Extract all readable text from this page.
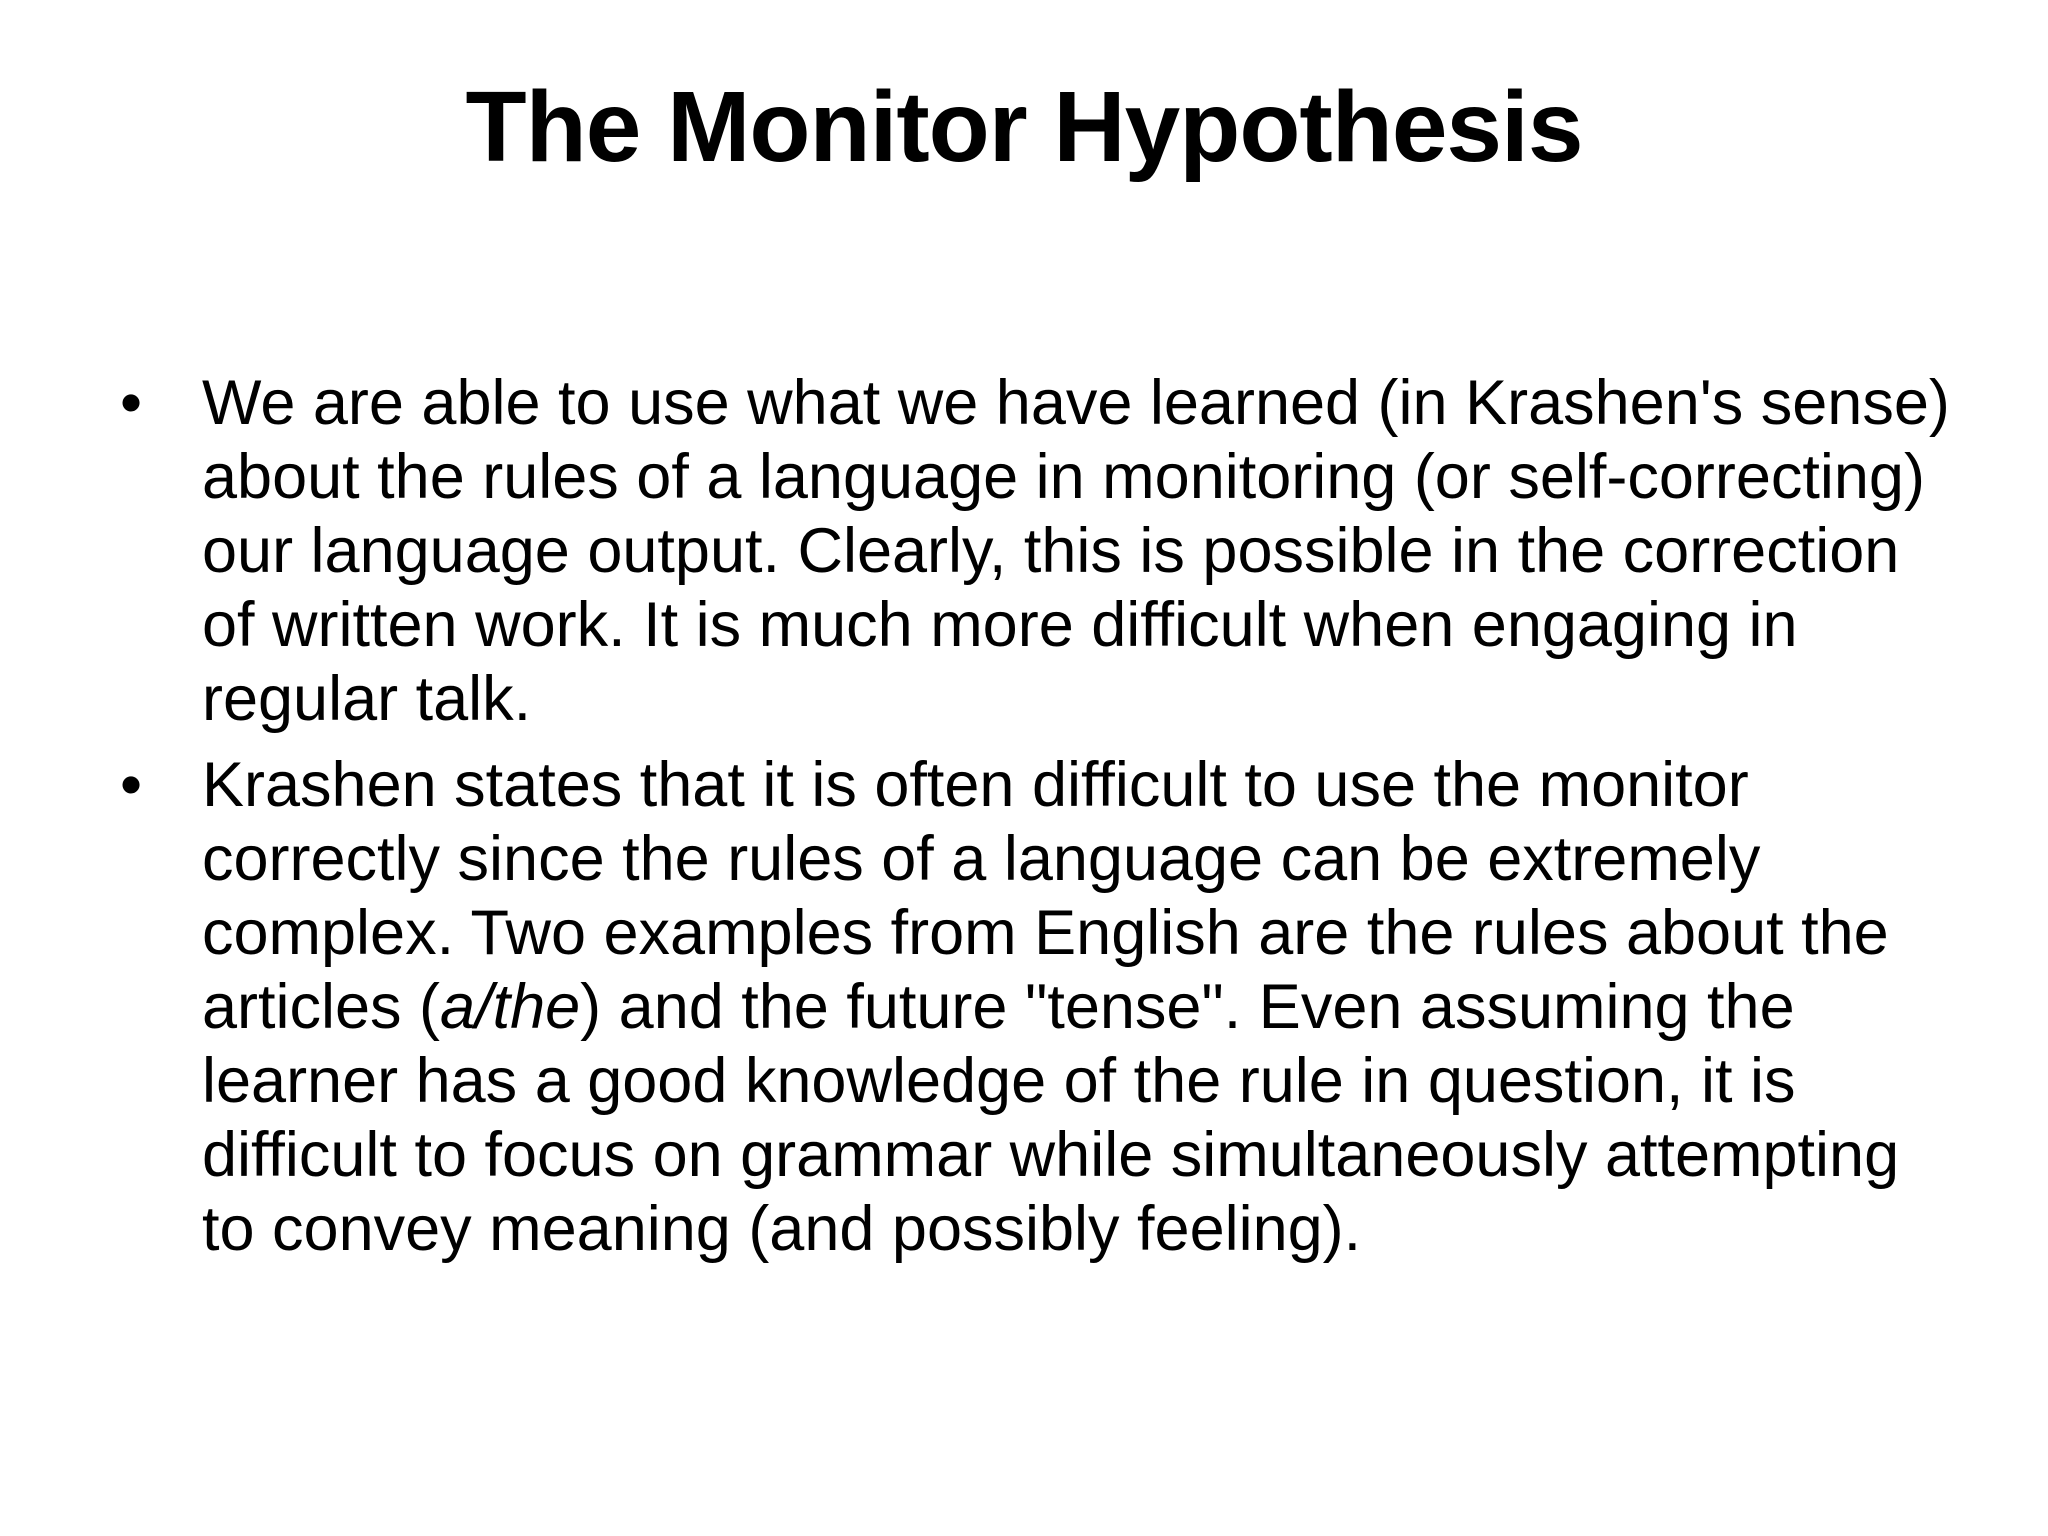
The Monitor Hypothesis
• We are able to use what we have learned (in Krashen's sense) about the rules of a language in monitoring (or self-correcting) our language output. Clearly, this is possible in the correction of written work. It is much more difficult when engaging in regular talk.
• Krashen states that it is often difficult to use the monitor correctly since the rules of a language can be extremely complex. Two examples from English are the rules about the articles (a/the) and the future "tense". Even assuming the learner has a good knowledge of the rule in question, it is difficult to focus on grammar while simultaneously attempting to convey meaning (and possibly feeling).
